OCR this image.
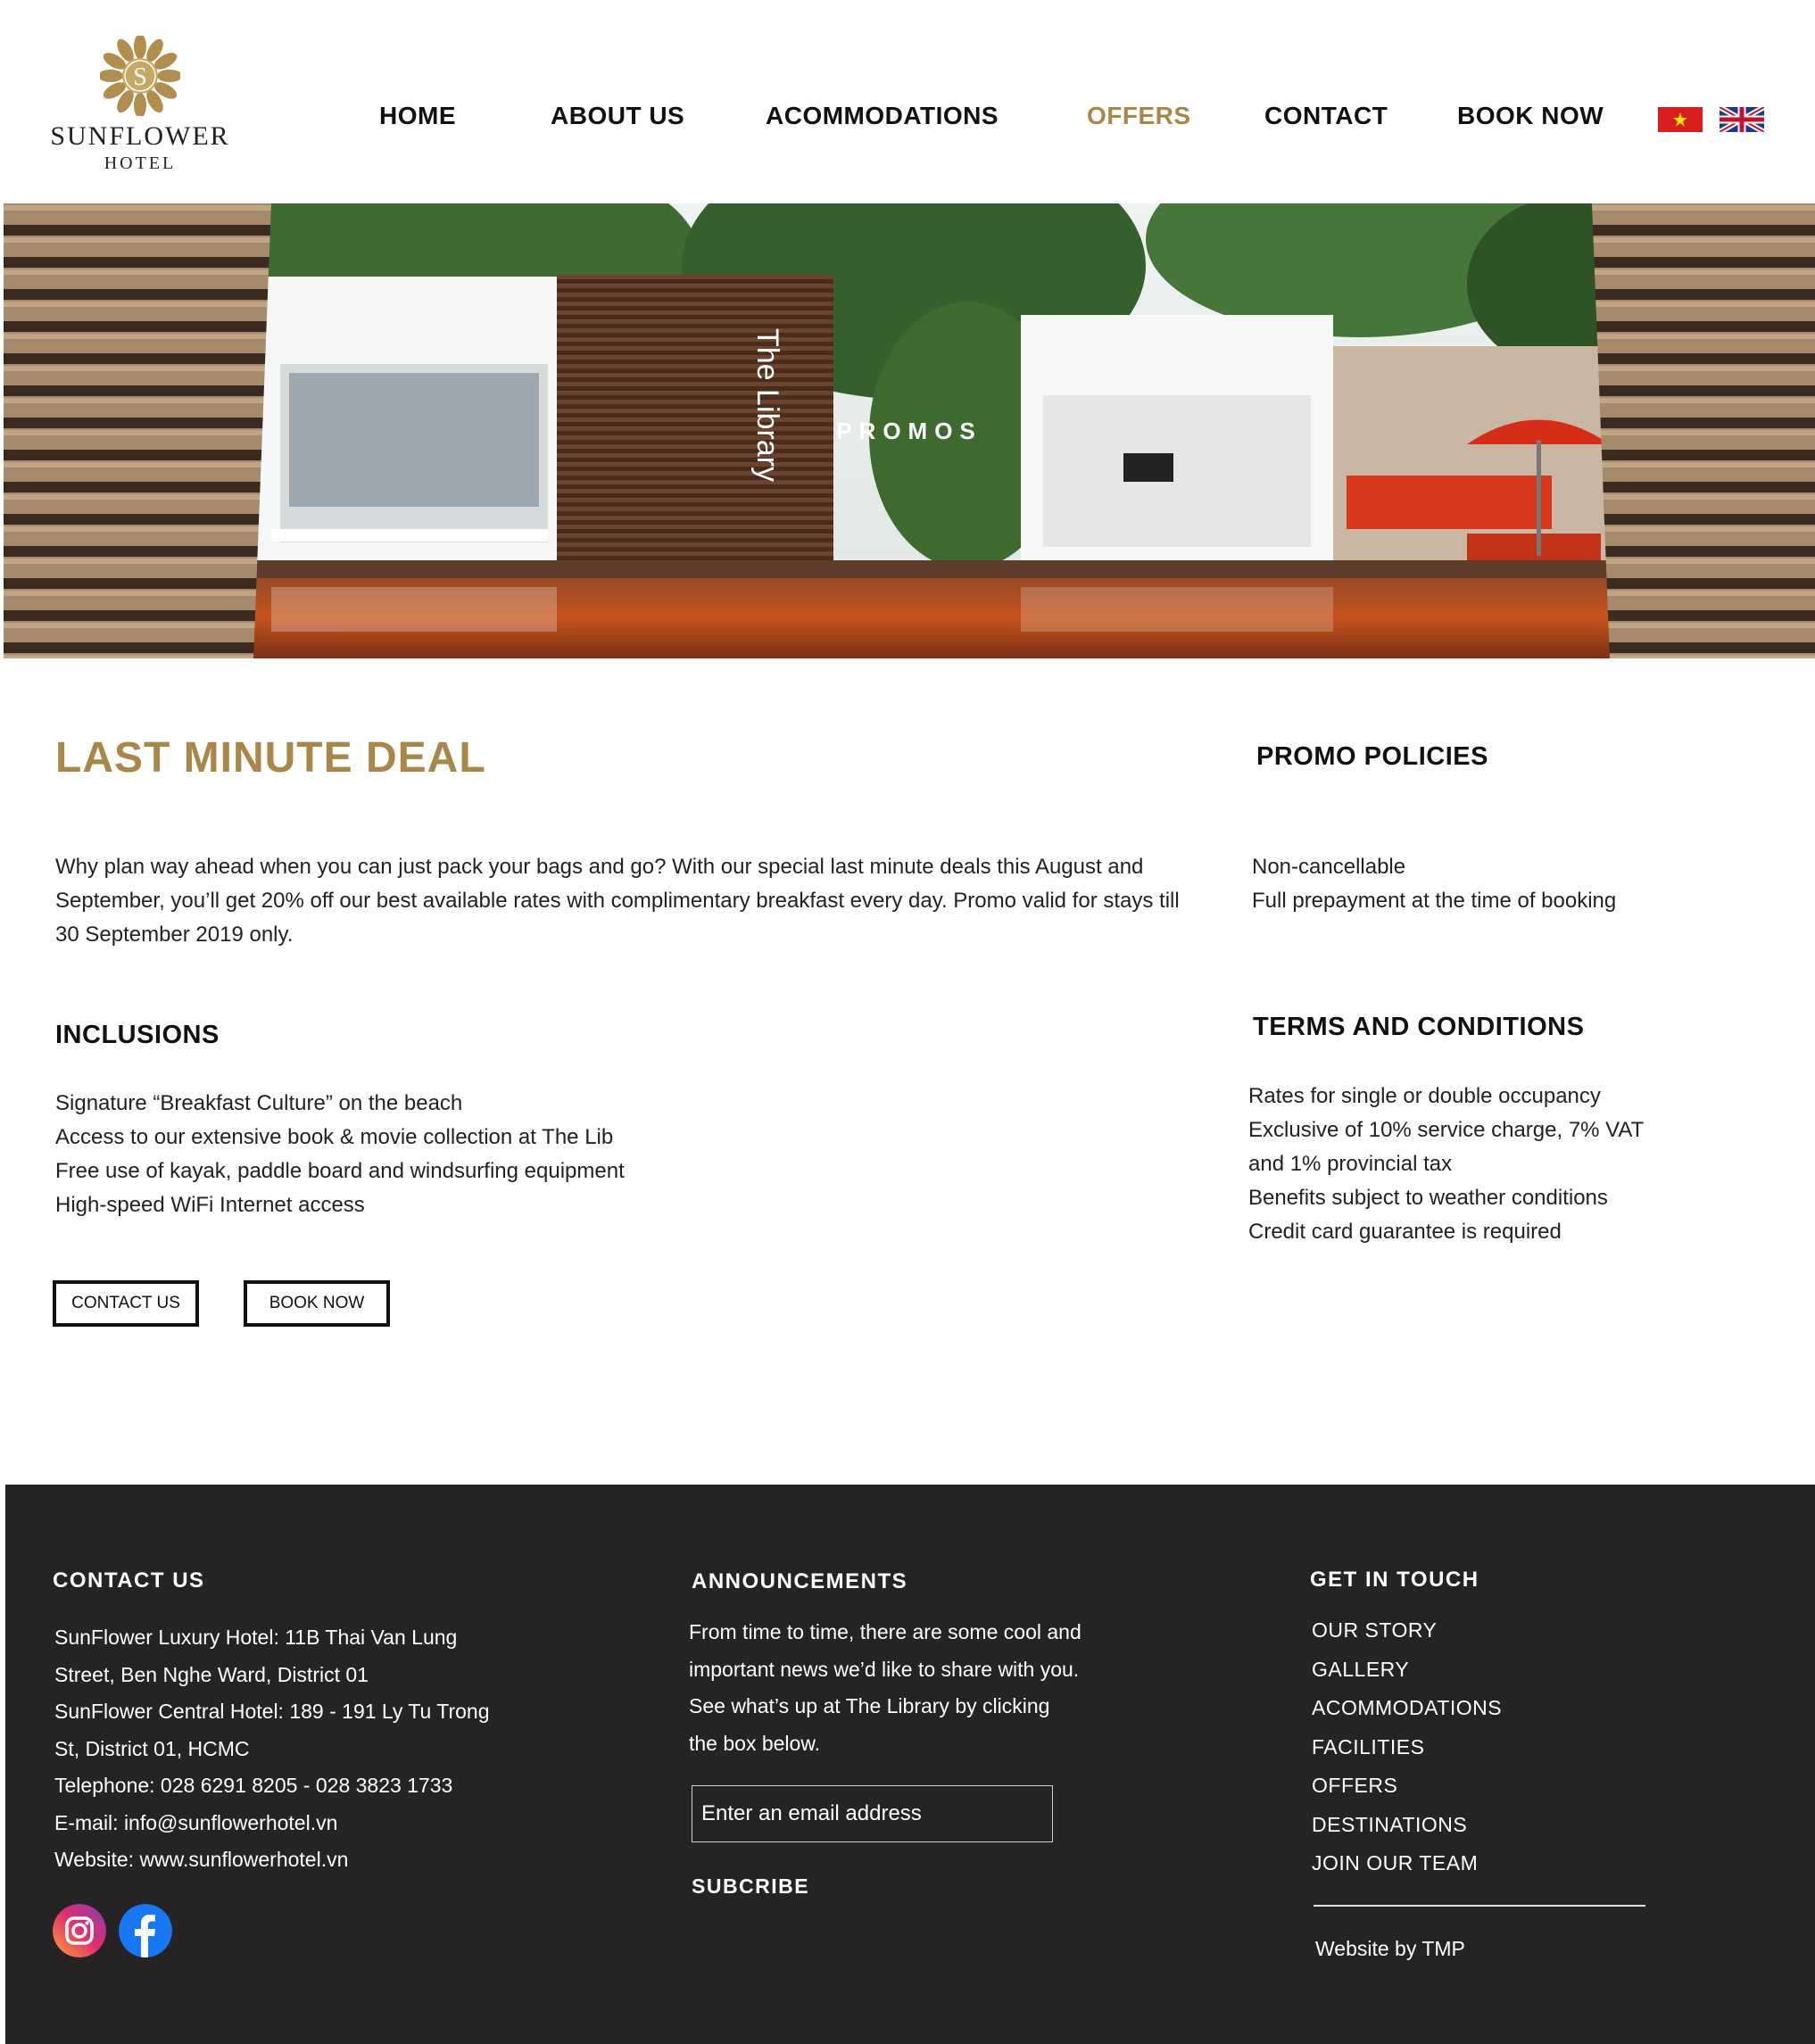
S
SUNFLOWER
HOTEL
HOME	ABOUT US	ACOMMODATIONS	OFFERS	CONTACT	BOOK NOW
The Library	PROMOS
LAST MINUTE DEAL

Why plan way ahead when you can just pack your bags and go? With our special last minute deals this August and September, you’ll get 20% off our best available rates with complimentary breakfast every day. Promo valid for stays till 30 September 2019 only.

INCLUSIONS
Signature “Breakfast Culture” on the beach
Access to our extensive book & movie collection at The Lib
Free use of kayak, paddle board and windsurfing equipment
High-speed WiFi Internet access
CONTACT US	BOOK NOW
PROMO POLICIES
Non-cancellable
Full prepayment at the time of booking
TERMS AND CONDITIONS
Rates for single or double occupancy
Exclusive of 10% service charge, 7% VAT
and 1% provincial tax
Benefits subject to weather conditions
Credit card guarantee is required
CONTACT US
SunFlower Luxury Hotel: 11B Thai Van Lung
Street, Ben Nghe Ward, District 01
SunFlower Central Hotel: 189 - 191 Ly Tu Trong
St, District 01, HCMC
Telephone: 028 6291 8205 - 028 3823 1733
E-mail: info@sunflowerhotel.vn
Website: www.sunflowerhotel.vn
ANNOUNCEMENTS
From time to time, there are some cool and
important news we’d like to share with you.
See what’s up at The Library by clicking
the box below.
Enter an email address
SUBCRIBE
GET IN TOUCH
OUR STORY
GALLERY
ACOMMODATIONS
FACILITIES
OFFERS
DESTINATIONS
JOIN OUR TEAM
Website by TMP
